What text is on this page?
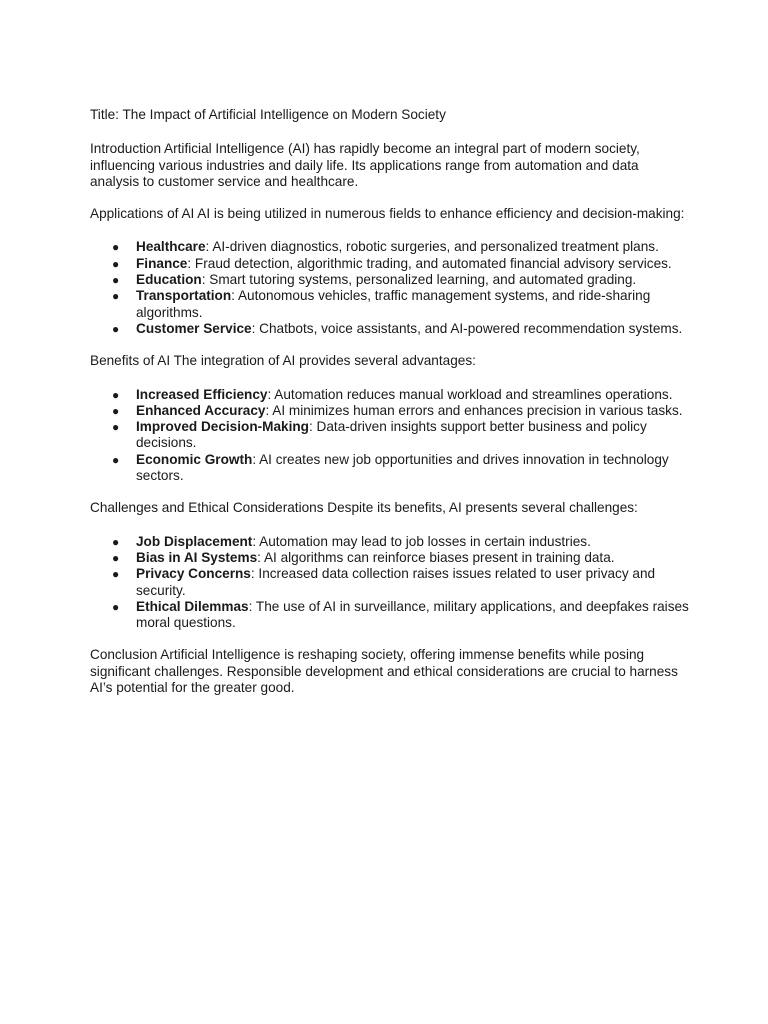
Title: The Impact of Artificial Intelligence on Modern Society

Introduction Artificial Intelligence (AI) has rapidly become an integral part of modern society, influencing various industries and daily life. Its applications range from automation and data analysis to customer service and healthcare.

Applications of AI AI is being utilized in numerous fields to enhance efficiency and decision-making:

● Healthcare: AI-driven diagnostics, robotic surgeries, and personalized treatment plans.
● Finance: Fraud detection, algorithmic trading, and automated financial advisory services.
● Education: Smart tutoring systems, personalized learning, and automated grading.
● Transportation: Autonomous vehicles, traffic management systems, and ride-sharing algorithms.
● Customer Service: Chatbots, voice assistants, and AI-powered recommendation systems.

Benefits of AI The integration of AI provides several advantages:

● Increased Efficiency: Automation reduces manual workload and streamlines operations.
● Enhanced Accuracy: AI minimizes human errors and enhances precision in various tasks.
● Improved Decision-Making: Data-driven insights support better business and policy decisions.
● Economic Growth: AI creates new job opportunities and drives innovation in technology sectors.

Challenges and Ethical Considerations Despite its benefits, AI presents several challenges:

● Job Displacement: Automation may lead to job losses in certain industries.
● Bias in AI Systems: AI algorithms can reinforce biases present in training data.
● Privacy Concerns: Increased data collection raises issues related to user privacy and security.
● Ethical Dilemmas: The use of AI in surveillance, military applications, and deepfakes raises moral questions.

Conclusion Artificial Intelligence is reshaping society, offering immense benefits while posing significant challenges. Responsible development and ethical considerations are crucial to harness AI’s potential for the greater good.
